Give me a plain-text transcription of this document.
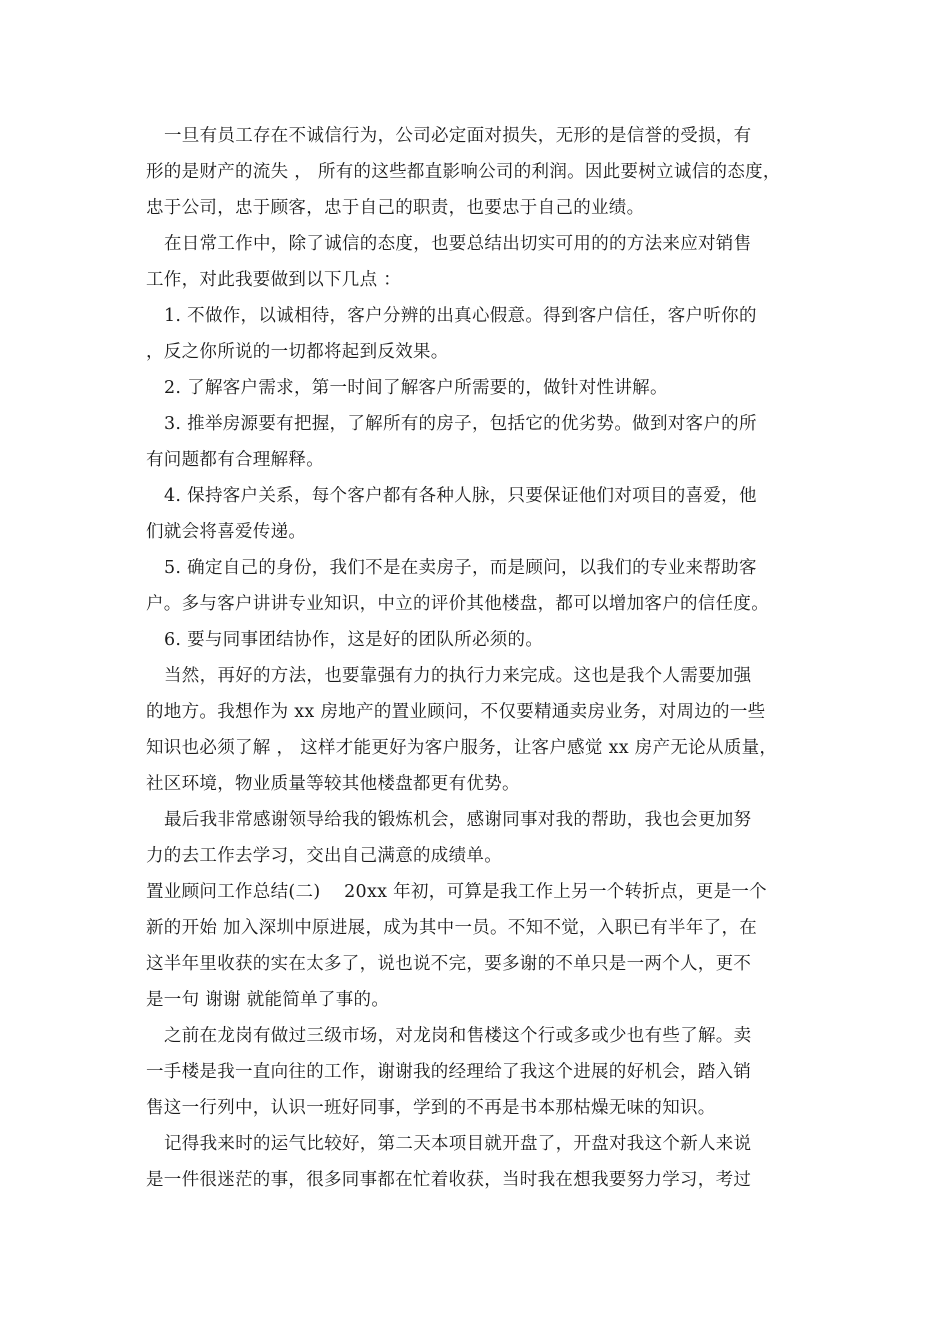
一旦有员工存在不诚信行为，公司必定面对损失，无形的是信誉的受损，有
形的是财产的流失 ， 所有的这些都直影响公司的利润。因此要树立诚信的态度，
忠于公司，忠于顾客，忠于自己的职责，也要忠于自己的业绩。
在日常工作中，除了诚信的态度，也要总结出切实可用的的方法来应对销售
工作，对此我要做到以下几点 ：
1. 不做作，以诚相待，客户分辨的出真心假意。得到客户信任，客户听你的
，反之你所说的一切都将起到反效果。
2. 了解客户需求，第一时间了解客户所需要的，做针对性讲解。
3. 推举房源要有把握，了解所有的房子，包括它的优劣势。做到对客户的所
有问题都有合理解释。
4. 保持客户关系，每个客户都有各种人脉，只要保证他们对项目的喜爱，他
们就会将喜爱传递。
5. 确定自己的身份，我们不是在卖房子，而是顾问，以我们的专业来帮助客
户。多与客户讲讲专业知识，中立的评价其他楼盘，都可以增加客户的信任度。
6. 要与同事团结协作，这是好的团队所必须的。
当然，再好的方法，也要靠强有力的执行力来完成。这也是我个人需要加强
的地方。我想作为 xx 房地产的置业顾问，不仅要精通卖房业务，对周边的一些
知识也必须了解 ， 这样才能更好为客户服务，让客户感觉 xx 房产无论从质量，
社区环境，物业质量等较其他楼盘都更有优势。
最后我非常感谢领导给我的锻炼机会，感谢同事对我的帮助，我也会更加努
力的去工作去学习，交出自己满意的成绩单。
置业顾问工作总结(二)　 20xx 年初，可算是我工作上另一个转折点，更是一个
新的开始 加入深圳中原进展，成为其中一员。不知不觉，入职已有半年了，在
这半年里收获的实在太多了，说也说不完，要多谢的不单只是一两个人，更不
是一句 谢谢 就能简单了事的。
之前在龙岗有做过三级市场，对龙岗和售楼这个行或多或少也有些了解。卖
一手楼是我一直向往的工作，谢谢我的经理给了我这个进展的好机会，踏入销
售这一行列中，认识一班好同事，学到的不再是书本那枯燥无味的知识。
记得我来时的运气比较好，第二天本项目就开盘了，开盘对我这个新人来说
是一件很迷茫的事，很多同事都在忙着收获，当时我在想我要努力学习，考过
